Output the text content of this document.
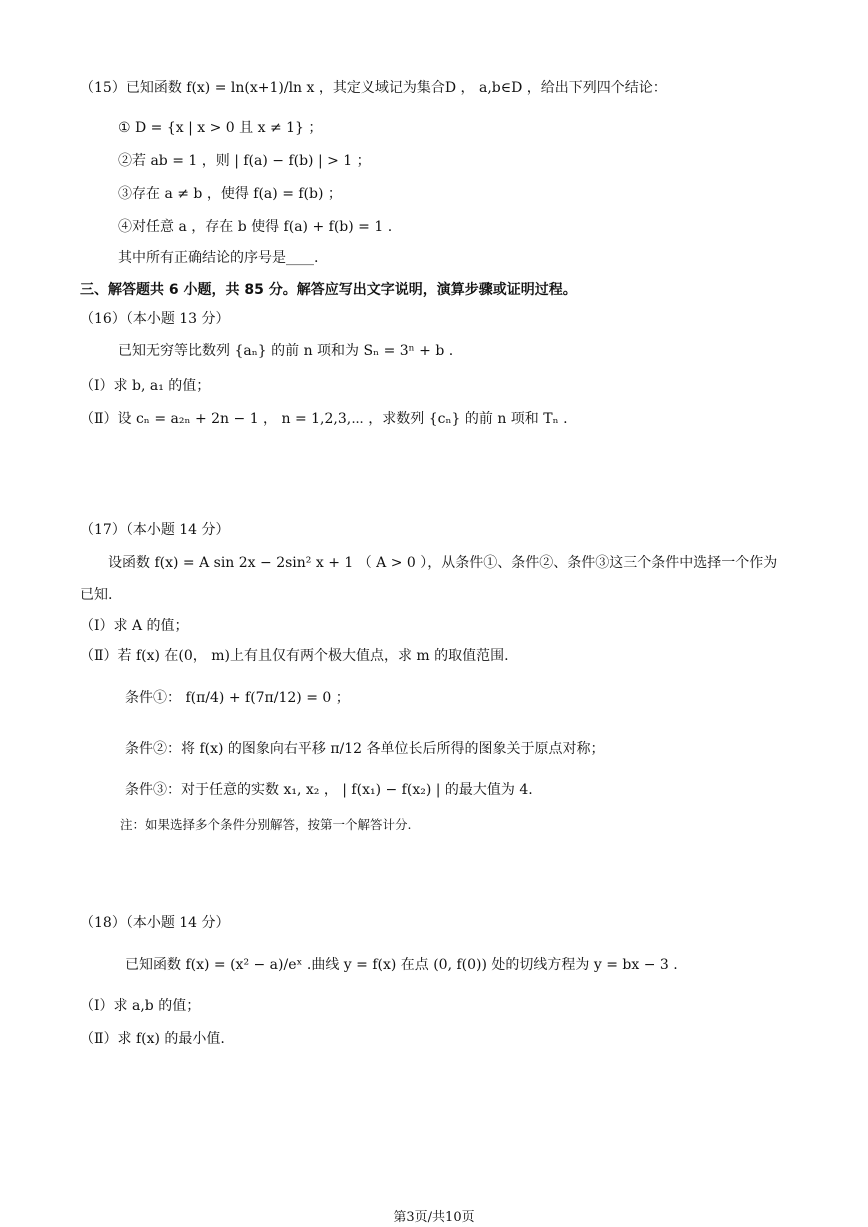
（15）已知函数 f(x) = ln(x+1)/ln x ，其定义域记为集合D ， a,b∈D ，给出下列四个结论：
① D = {x | x > 0 且 x ≠ 1} ；
②若 ab = 1 ，则 | f(a) − f(b) | > 1 ；
③存在 a ≠ b ，使得 f(a) = f(b) ；
④对任意 a ，存在 b 使得 f(a) + f(b) = 1 .
其中所有正确结论的序号是____.
三、解答题共 6 小题，共 85 分。解答应写出文字说明，演算步骤或证明过程。
（16）（本小题 13 分）
已知无穷等比数列 {aₙ} 的前 n 项和为 Sₙ = 3ⁿ + b .
（Ⅰ）求 b, a₁ 的值；
（Ⅱ）设 cₙ = a₂ₙ + 2n − 1 ， n = 1,2,3,⋯ ，求数列 {cₙ} 的前 n 项和 Tₙ .
（17）（本小题 14 分）
设函数 f(x) = A sin 2x − 2sin² x + 1 （ A > 0 ），从条件①、条件②、条件③这三个条件中选择一个作为
已知.
（Ⅰ）求 A 的值；
（Ⅱ）若 f(x) 在(0， m)上有且仅有两个极大值点，求 m 的取值范围.
条件①： f(π/4) + f(7π/12) = 0 ；
条件②：将 f(x) 的图象向右平移 π/12 各单位长后所得的图象关于原点对称；
条件③：对于任意的实数 x₁, x₂ ， | f(x₁) − f(x₂) | 的最大值为 4.
注：如果选择多个条件分别解答，按第一个解答计分.
（18）（本小题 14 分）
已知函数 f(x) = (x² − a)/eˣ .曲线 y = f(x) 在点 (0, f(0)) 处的切线方程为 y = bx − 3 .
（Ⅰ）求 a,b 的值；
（Ⅱ）求 f(x) 的最小值.
第3页/共10页
